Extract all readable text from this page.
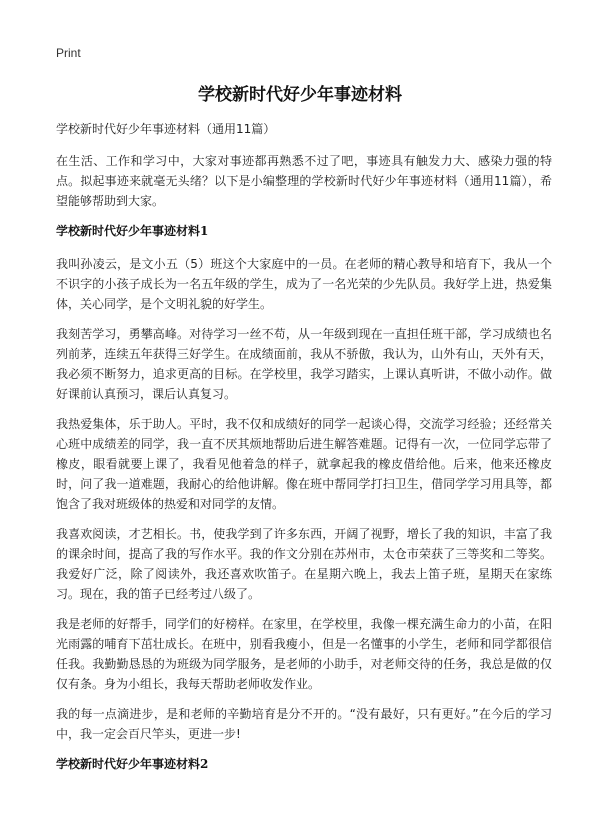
Print
学校新时代好少年事迹材料

学校新时代好少年事迹材料（通用11篇）

在生活、工作和学习中，大家对事迹都再熟悉不过了吧，事迹具有触发力大、感染力强的特点。拟起事迹来就毫无头绪？以下是小编整理的学校新时代好少年事迹材料（通用11篇），希望能够帮助到大家。

学校新时代好少年事迹材料1

我叫孙凌云，是文小五（5）班这个大家庭中的一员。在老师的精心教导和培育下，我从一个不识字的小孩子成长为一名五年级的学生，成为了一名光荣的少先队员。我好学上进，热爱集体，关心同学，是个文明礼貌的好学生。

我刻苦学习，勇攀高峰。对待学习一丝不苟，从一年级到现在一直担任班干部，学习成绩也名列前茅，连续五年获得三好学生。在成绩面前，我从不骄傲，我认为，山外有山，天外有天，我必须不断努力，追求更高的目标。在学校里，我学习踏实，上课认真听讲，不做小动作。做好课前认真预习，课后认真复习。

我热爱集体，乐于助人。平时，我不仅和成绩好的同学一起谈心得，交流学习经验；还经常关心班中成绩差的同学，我一直不厌其烦地帮助后进生解答难题。记得有一次，一位同学忘带了橡皮，眼看就要上课了，我看见他着急的样子，就拿起我的橡皮借给他。后来，他来还橡皮时，问了我一道难题，我耐心的给他讲解。像在班中帮同学打扫卫生，借同学学习用具等，都饱含了我对班级体的热爱和对同学的友情。

我喜欢阅读，才艺相长。书，使我学到了许多东西，开阔了视野，增长了我的知识，丰富了我的课余时间，提高了我的写作水平。我的作文分别在苏州市，太仓市荣获了三等奖和二等奖。我爱好广泛，除了阅读外，我还喜欢吹笛子。在星期六晚上，我去上笛子班，星期天在家练习。现在，我的笛子已经考过八级了。

我是老师的好帮手，同学们的好榜样。在家里，在学校里，我像一棵充满生命力的小苗，在阳光雨露的哺育下茁壮成长。在班中，别看我瘦小，但是一名懂事的小学生，老师和同学都很信任我。我勤勤恳恳的为班级为同学服务，是老师的小助手，对老师交待的任务，我总是做的仅仅有条。身为小组长，我每天帮助老师收发作业。

我的每一点滴进步，是和老师的辛勤培育是分不开的。“没有最好，只有更好。”在今后的学习中，我一定会百尺竿头，更进一步!

学校新时代好少年事迹材料2
